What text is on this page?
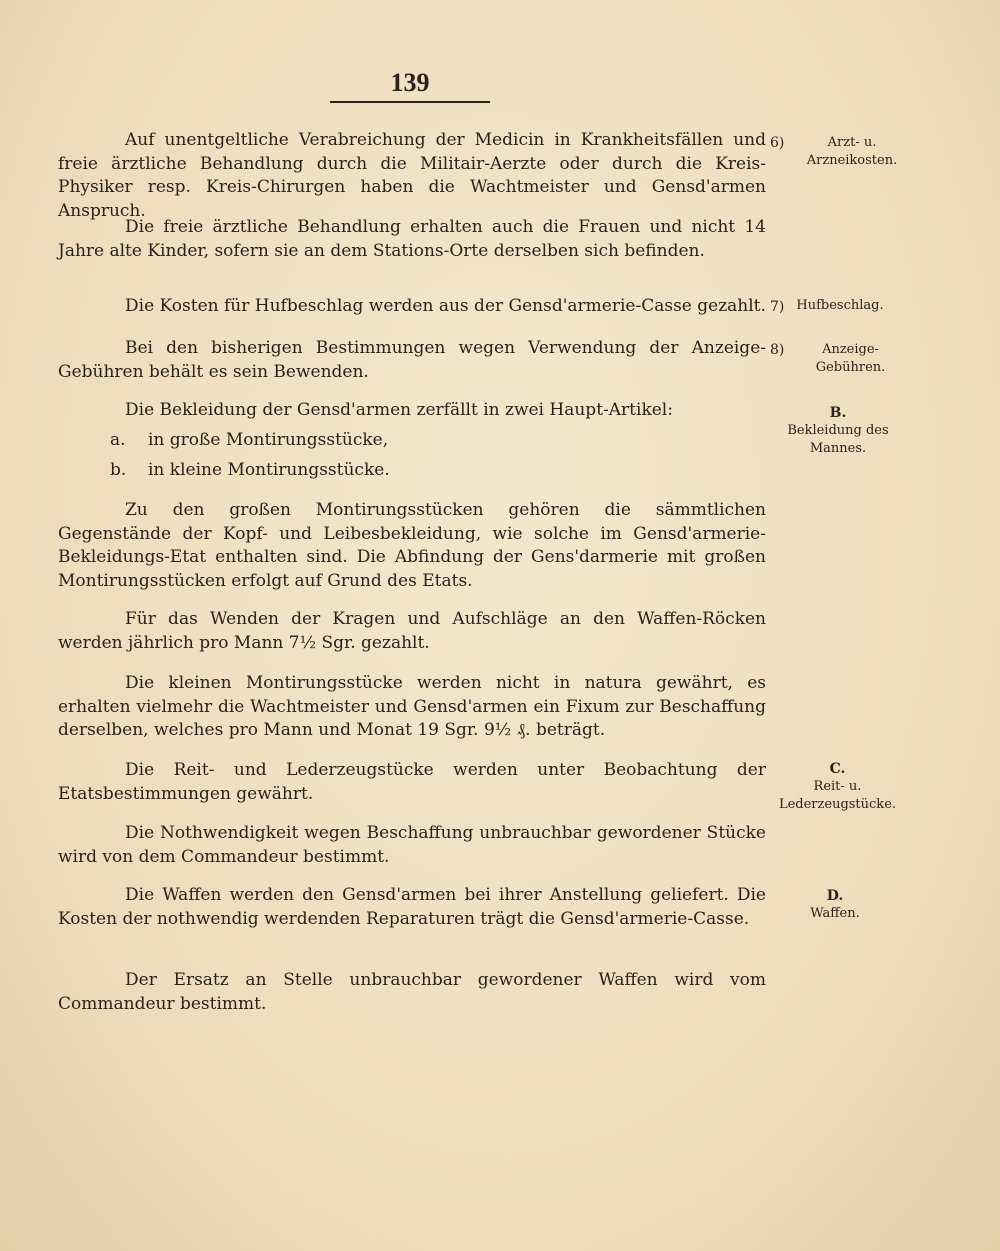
139

Auf unentgeltliche Verabreichung der Medicin in Krankheitsfällen und freie ärztliche Behandlung durch die Militair-Aerzte oder durch die Kreis-Physiker resp. Kreis-Chirurgen haben die Wachtmeister und Gensd'armen Anspruch.

Die freie ärztliche Behandlung erhalten auch die Frauen und nicht 14 Jahre alte Kinder, sofern sie an dem Stations-Orte derselben sich befinden.

Die Kosten für Hufbeschlag werden aus der Gensd'armerie-Casse gezahlt.

Bei den bisherigen Bestimmungen wegen Verwendung der Anzeige-Gebühren behält es sein Bewenden.

Die Bekleidung der Gensd'armen zerfällt in zwei Haupt-Artikel:

a. in große Montirungsstücke,
b. in kleine Montirungsstücke.

Zu den großen Montirungsstücken gehören die sämmtlichen Gegenstände der Kopf- und Leibesbekleidung, wie solche im Gensd'armerie-Bekleidungs-Etat enthalten sind. Die Abfindung der Gens'darmerie mit großen Montirungsstücken erfolgt auf Grund des Etats.

Für das Wenden der Kragen und Aufschläge an den Waffen-Röcken werden jährlich pro Mann 7½ Sgr. gezahlt.

Die kleinen Montirungsstücke werden nicht in natura gewährt, es erhalten vielmehr die Wachtmeister und Gensd'armen ein Fixum zur Beschaffung derselben, welches pro Mann und Monat 19 Sgr. 9½ ₰. beträgt.

Die Reit- und Lederzeugstücke werden unter Beobachtung der Etatsbestimmungen gewährt.

Die Nothwendigkeit wegen Beschaffung unbrauchbar gewordener Stücke wird von dem Commandeur bestimmt.

Die Waffen werden den Gensd'armen bei ihrer Anstellung geliefert. Die Kosten der nothwendig werdenden Reparaturen trägt die Gensd'armerie-Casse.

Der Ersatz an Stelle unbrauchbar gewordener Waffen wird vom Commandeur bestimmt.

6)
7)
8)
Arzt- u. Arzneikosten.
Hufbeschlag.
Anzeige-Gebühren.
B.
Bekleidung des Mannes.
C.
Reit- u. Lederzeugstücke.
D.
Waffen.
